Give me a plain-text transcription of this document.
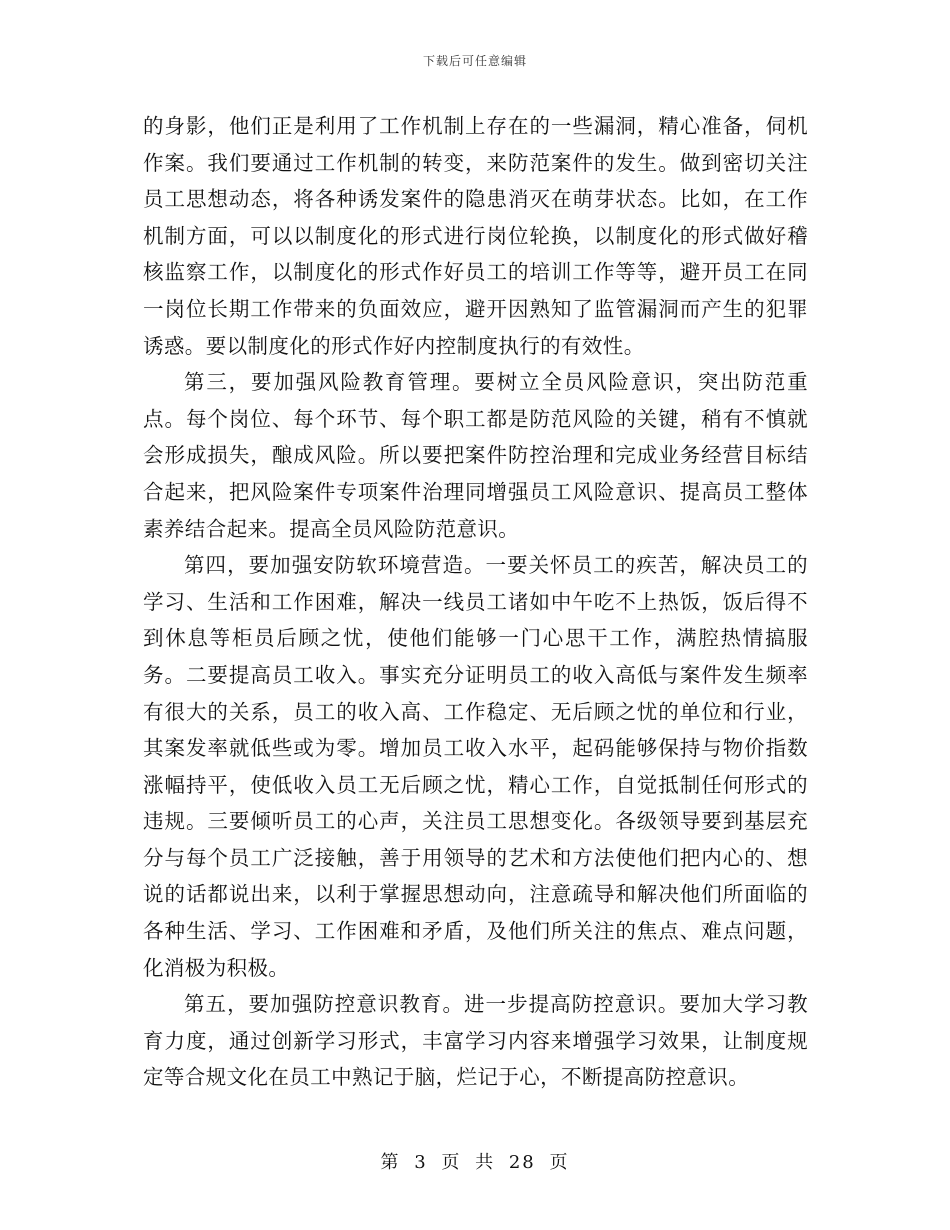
下载后可任意编辑

的身影，他们正是利用了工作机制上存在的一些漏洞，精心准备，伺机作案。我们要通过工作机制的转变，来防范案件的发生。做到密切关注员工思想动态，将各种诱发案件的隐患消灭在萌芽状态。比如，在工作机制方面，可以以制度化的形式进行岗位轮换，以制度化的形式做好稽核监察工作，以制度化的形式作好员工的培训工作等等，避开员工在同一岗位长期工作带来的负面效应，避开因熟知了监管漏洞而产生的犯罪诱惑。要以制度化的形式作好内控制度执行的有效性。

第三，要加强风险教育管理。要树立全员风险意识，突出防范重点。每个岗位、每个环节、每个职工都是防范风险的关键，稍有不慎就会形成损失，酿成风险。所以要把案件防控治理和完成业务经营目标结合起来，把风险案件专项案件治理同增强员工风险意识、提高员工整体素养结合起来。提高全员风险防范意识。

第四，要加强安防软环境营造。一要关怀员工的疾苦，解决员工的学习、生活和工作困难，解决一线员工诸如中午吃不上热饭，饭后得不到休息等柜员后顾之忧，使他们能够一门心思干工作，满腔热情搞服务。二要提高员工收入。事实充分证明员工的收入高低与案件发生频率有很大的关系，员工的收入高、工作稳定、无后顾之忧的单位和行业，其案发率就低些或为零。增加员工收入水平，起码能够保持与物价指数涨幅持平，使低收入员工无后顾之忧，精心工作，自觉抵制任何形式的违规。三要倾听员工的心声，关注员工思想变化。各级领导要到基层充分与每个员工广泛接触，善于用领导的艺术和方法使他们把内心的、想说的话都说出来，以利于掌握思想动向，注意疏导和解决他们所面临的各种生活、学习、工作困难和矛盾，及他们所关注的焦点、难点问题，化消极为积极。

第五，要加强防控意识教育。进一步提高防控意识。要加大学习教育力度，通过创新学习形式，丰富学习内容来增强学习效果，让制度规定等合规文化在员工中熟记于脑，烂记于心，不断提高防控意识。

第 3 页 共 28 页
